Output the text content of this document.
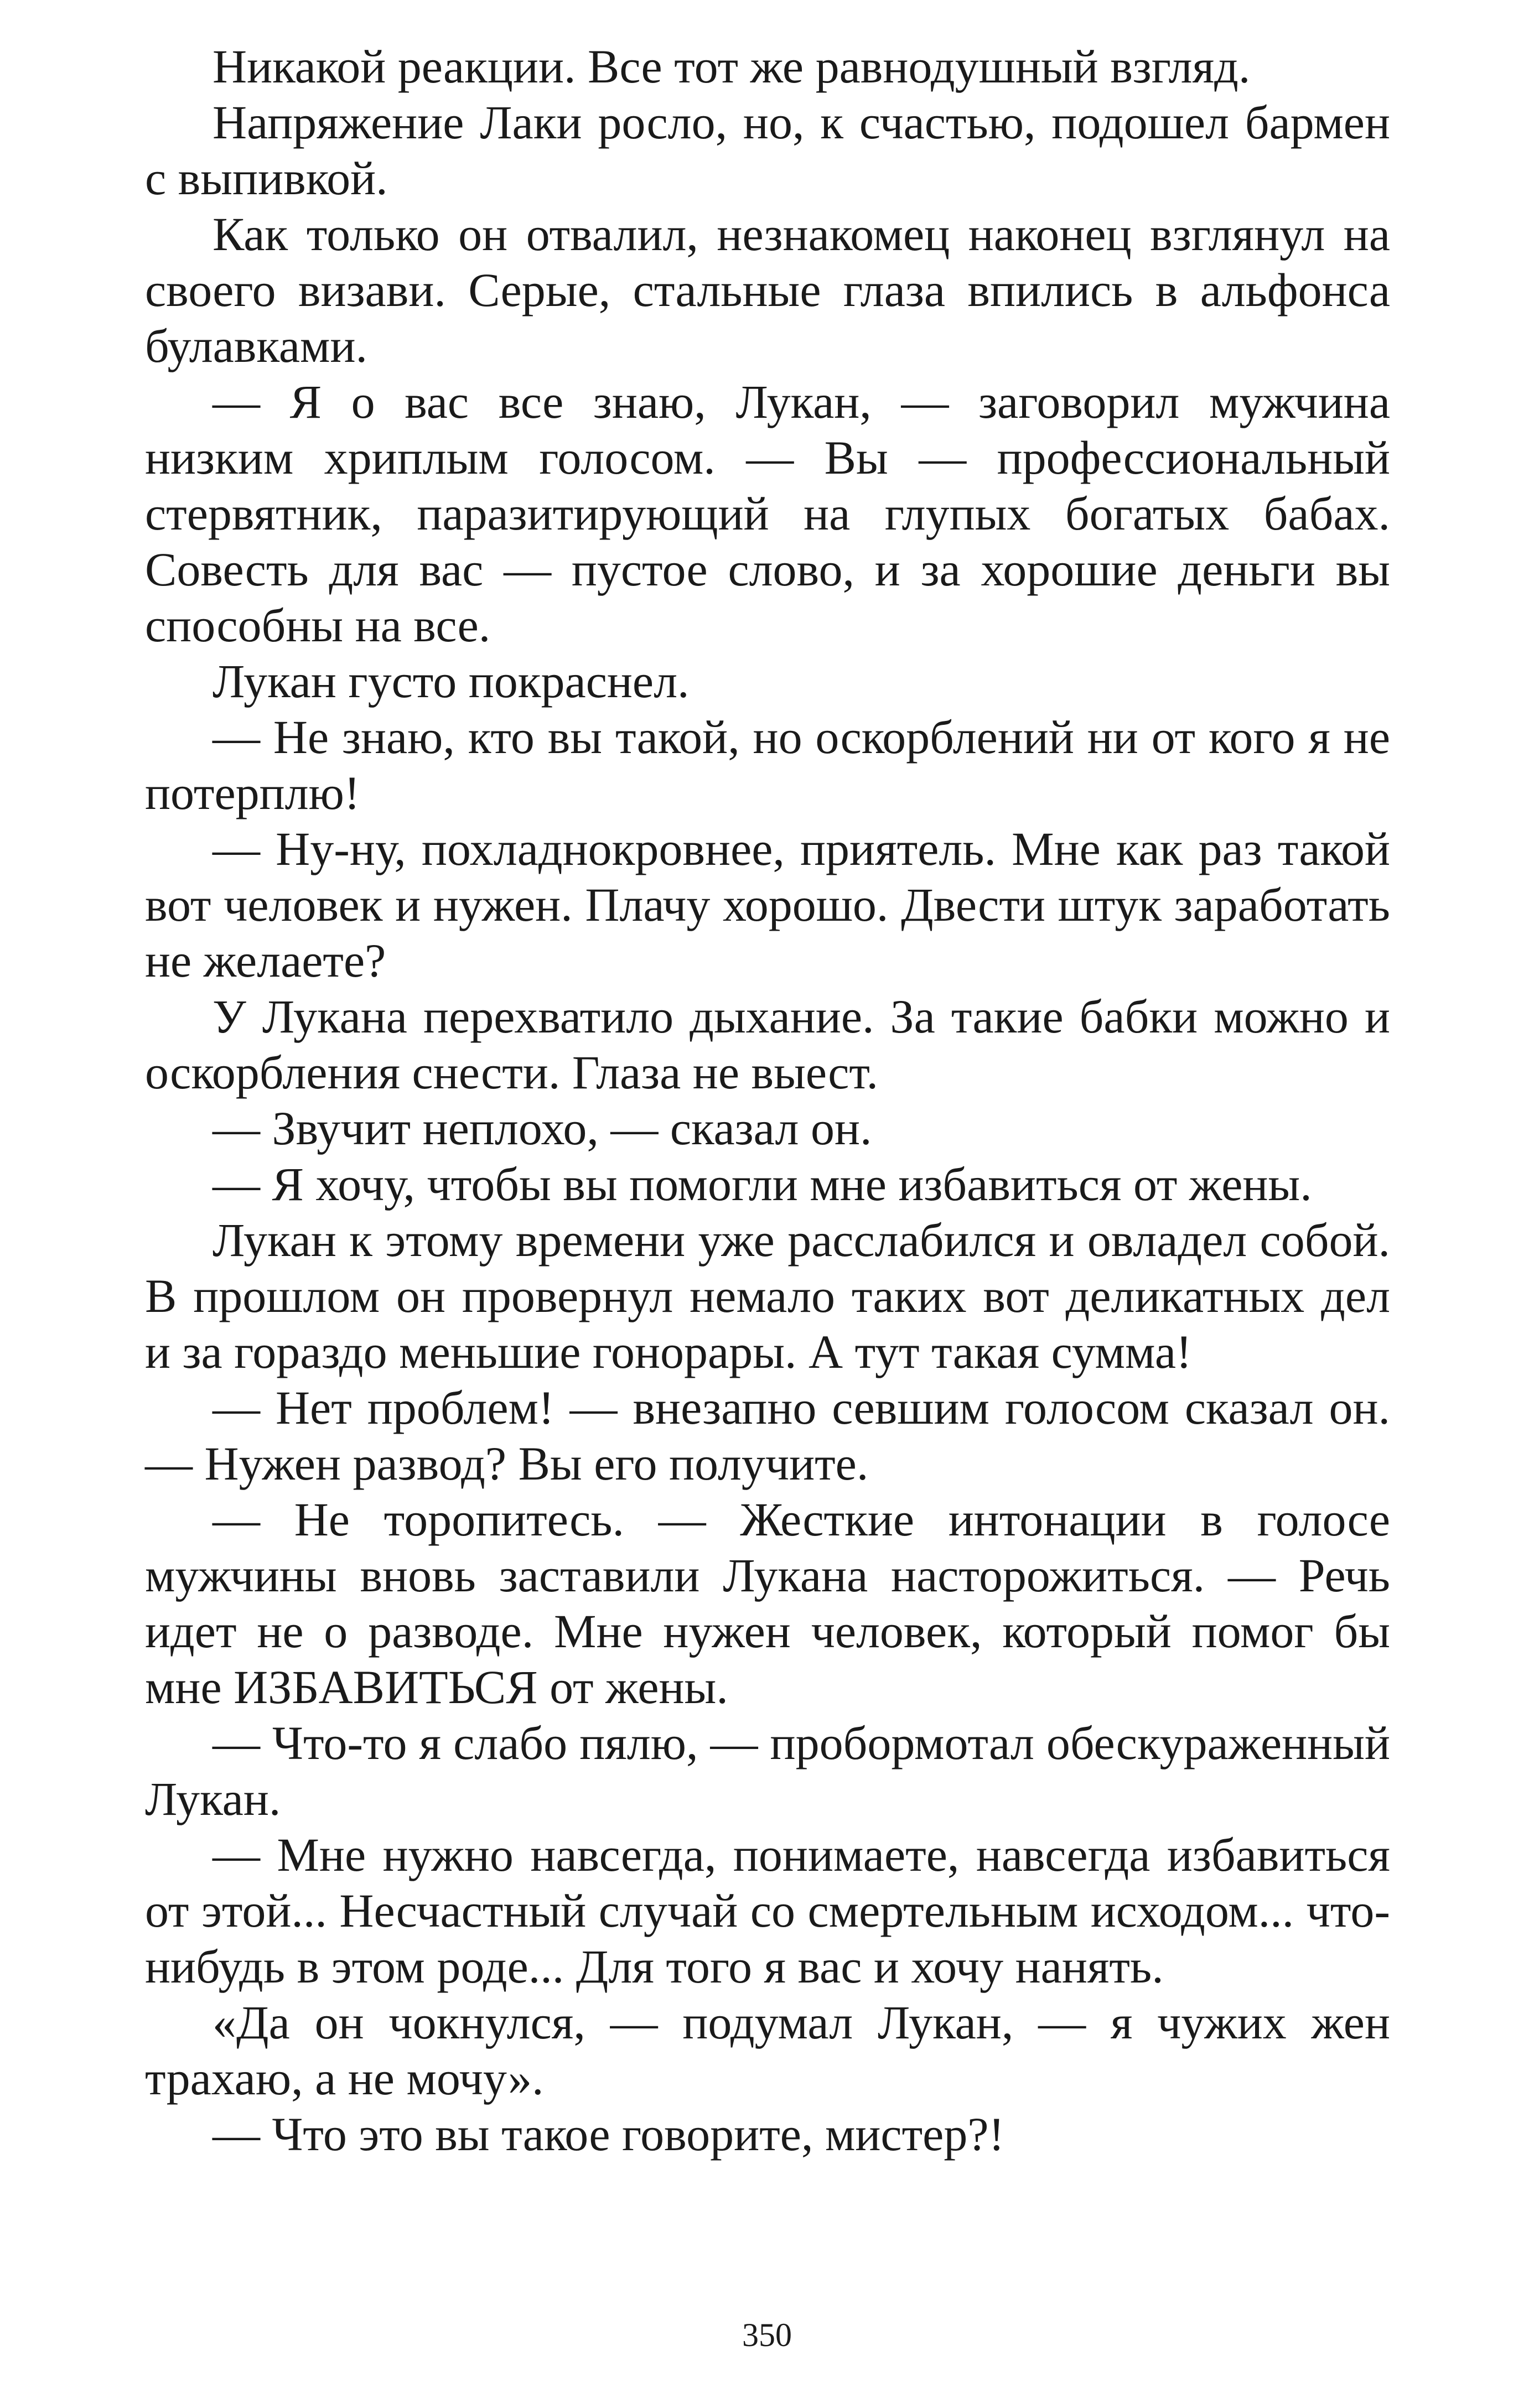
Никакой реакции. Все тот же равнодушный взгляд.

Напряжение Лаки росло, но, к счастью, подошел бармен с выпивкой.

Как только он отвалил, незнакомец наконец взглянул на своего визави. Серые, стальные глаза впились в альфонса булавками.

— Я о вас все знаю, Лукан, — заговорил мужчина низким хриплым голосом. — Вы — профессиональный стервятник, паразитирующий на глупых богатых бабах. Совесть для вас — пустое слово, и за хорошие деньги вы способны на все.

Лукан густо покраснел.

— Не знаю, кто вы такой, но оскорблений ни от кого я не потерплю!

— Ну-ну, похладнокровнее, приятель. Мне как раз такой вот человек и нужен. Плачу хорошо. Двести штук заработать не желаете?

У Лукана перехватило дыхание. За такие бабки можно и оскорбления снести. Глаза не выест.

— Звучит неплохо, — сказал он.

— Я хочу, чтобы вы помогли мне избавиться от жены.

Лукан к этому времени уже расслабился и овладел собой. В прошлом он провернул немало таких вот деликатных дел и за гораздо меньшие гонорары. А тут такая сумма!

— Нет проблем! — внезапно севшим голосом сказал он. — Нужен развод? Вы его получите.

— Не торопитесь. — Жесткие интонации в голосе мужчины вновь заставили Лукана насторожиться. — Речь идет не о разводе. Мне нужен человек, который помог бы мне ИЗБАВИТЬСЯ от жены.

— Что-то я слабо пялю, — пробормотал обескураженный Лукан.

— Мне нужно навсегда, понимаете, навсегда избавиться от этой... Несчастный случай со смертельным исходом... что-нибудь в этом роде... Для того я вас и хочу нанять.

«Да он чокнулся, — подумал Лукан, — я чужих жен трахаю, а не мочу».

— Что это вы такое говорите, мистер?!

350
